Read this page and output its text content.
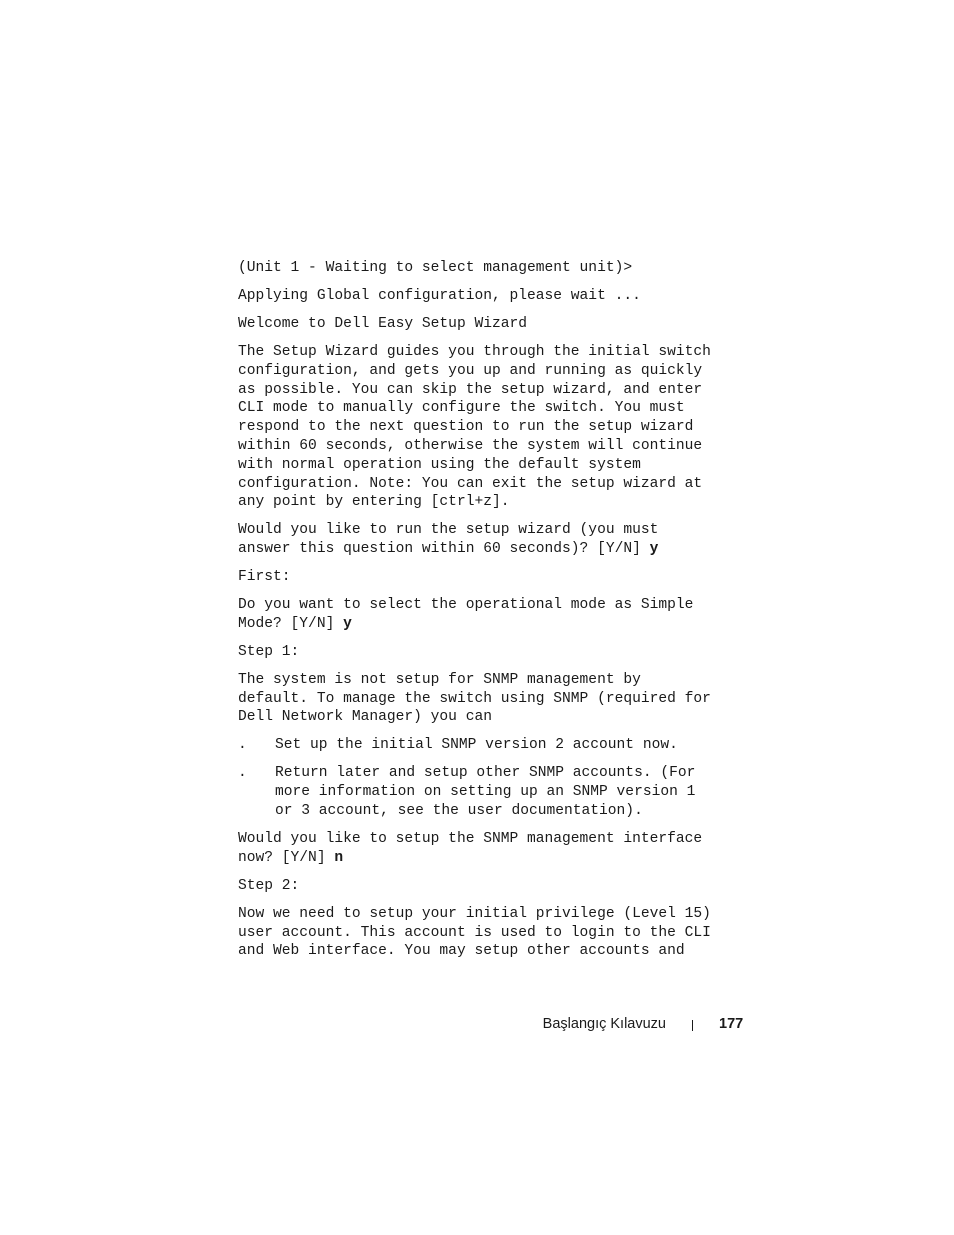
(Unit 1 - Waiting to select management unit)>
Applying Global configuration, please wait ...
Welcome to Dell Easy Setup Wizard
The Setup Wizard guides you through the initial switch
configuration, and gets you up and running as quickly
as possible. You can skip the setup wizard, and enter
CLI mode to manually configure the switch. You must
respond to the next question to run the setup wizard
within 60 seconds, otherwise the system will continue
with normal operation using the default system
configuration. Note: You can exit the setup wizard at
any point by entering [ctrl+z].
Would you like to run the setup wizard (you must
answer this question within 60 seconds)? [Y/N] y
First:
Do you want to select the operational mode as Simple
Mode? [Y/N] y
Step 1:
The system is not setup for SNMP management by
default. To manage the switch using SNMP (required for
Dell Network Manager) you can
.	Set up the initial SNMP version 2 account now.
.	Return later and setup other SNMP accounts. (For
more information on setting up an SNMP version 1
or 3 account, see the user documentation).
Would you like to setup the SNMP management interface
now? [Y/N] n
Step 2:
Now we need to setup your initial privilege (Level 15)
user account. This account is used to login to the CLI
and Web interface. You may setup other accounts and
Başlangıç Kılavuzu	177
